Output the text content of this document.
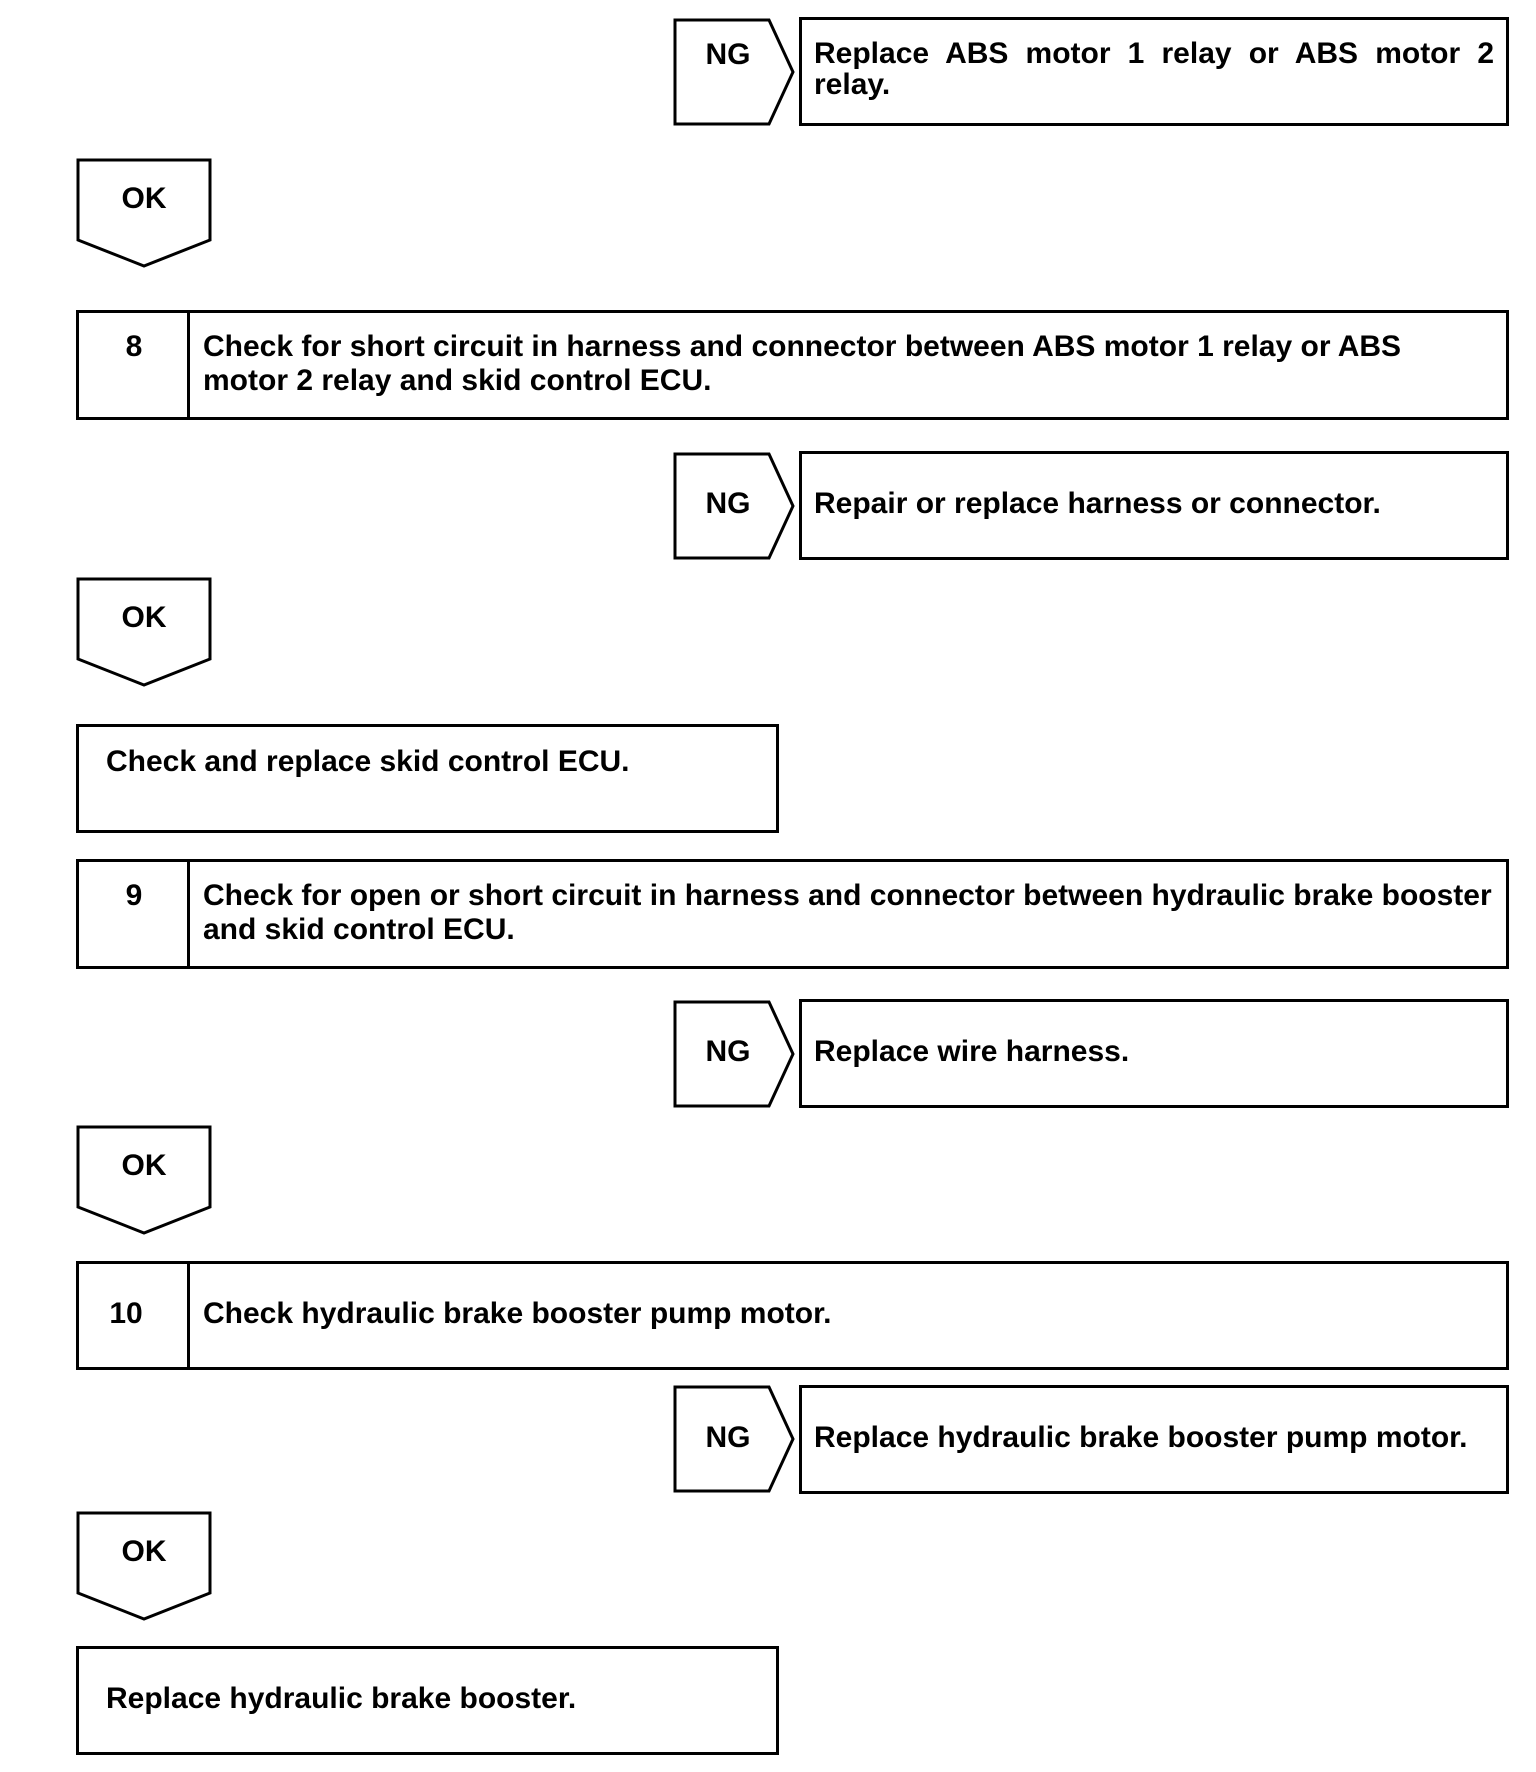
NG	Replace ABS motor 1 relay or ABS motor 2 relay.
OK
8	Check for short circuit in harness and connector between ABS motor 1 relay or ABS motor 2 relay and skid control ECU.
NG	Repair or replace harness or connector.
OK
Check and replace skid control ECU.
9	Check for open or short circuit in harness and connector between hydraulic brake booster and skid control ECU.
NG	Replace wire harness.
OK
10	Check hydraulic brake booster pump motor.
NG	Replace hydraulic brake booster pump motor.
OK
Replace hydraulic brake booster.
